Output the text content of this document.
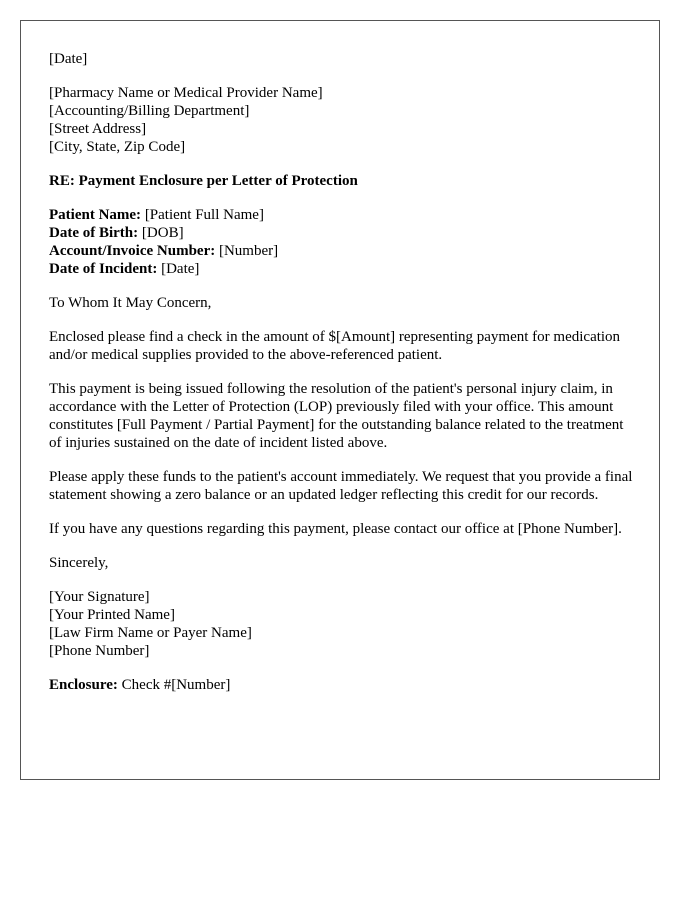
[Date]

[Pharmacy Name or Medical Provider Name]

[Accounting/Billing Department]

[Street Address]

[City, State, Zip Code]

RE: Payment Enclosure per Letter of Protection

Patient Name: [Patient Full Name]

Date of Birth: [DOB]

Account/Invoice Number: [Number]

Date of Incident: [Date]

To Whom It May Concern,

Enclosed please find a check in the amount of $[Amount] representing payment for medication and/or medical supplies provided to the above-referenced patient.

This payment is being issued following the resolution of the patient's personal injury claim, in accordance with the Letter of Protection (LOP) previously filed with your office. This amount constitutes [Full Payment / Partial Payment] for the outstanding balance related to the treatment of injuries sustained on the date of incident listed above.

Please apply these funds to the patient's account immediately. We request that you provide a final statement showing a zero balance or an updated ledger reflecting this credit for our records.

If you have any questions regarding this payment, please contact our office at [Phone Number].

Sincerely,

[Your Signature]

[Your Printed Name]

[Law Firm Name or Payer Name]

[Phone Number]

Enclosure: Check #[Number]
